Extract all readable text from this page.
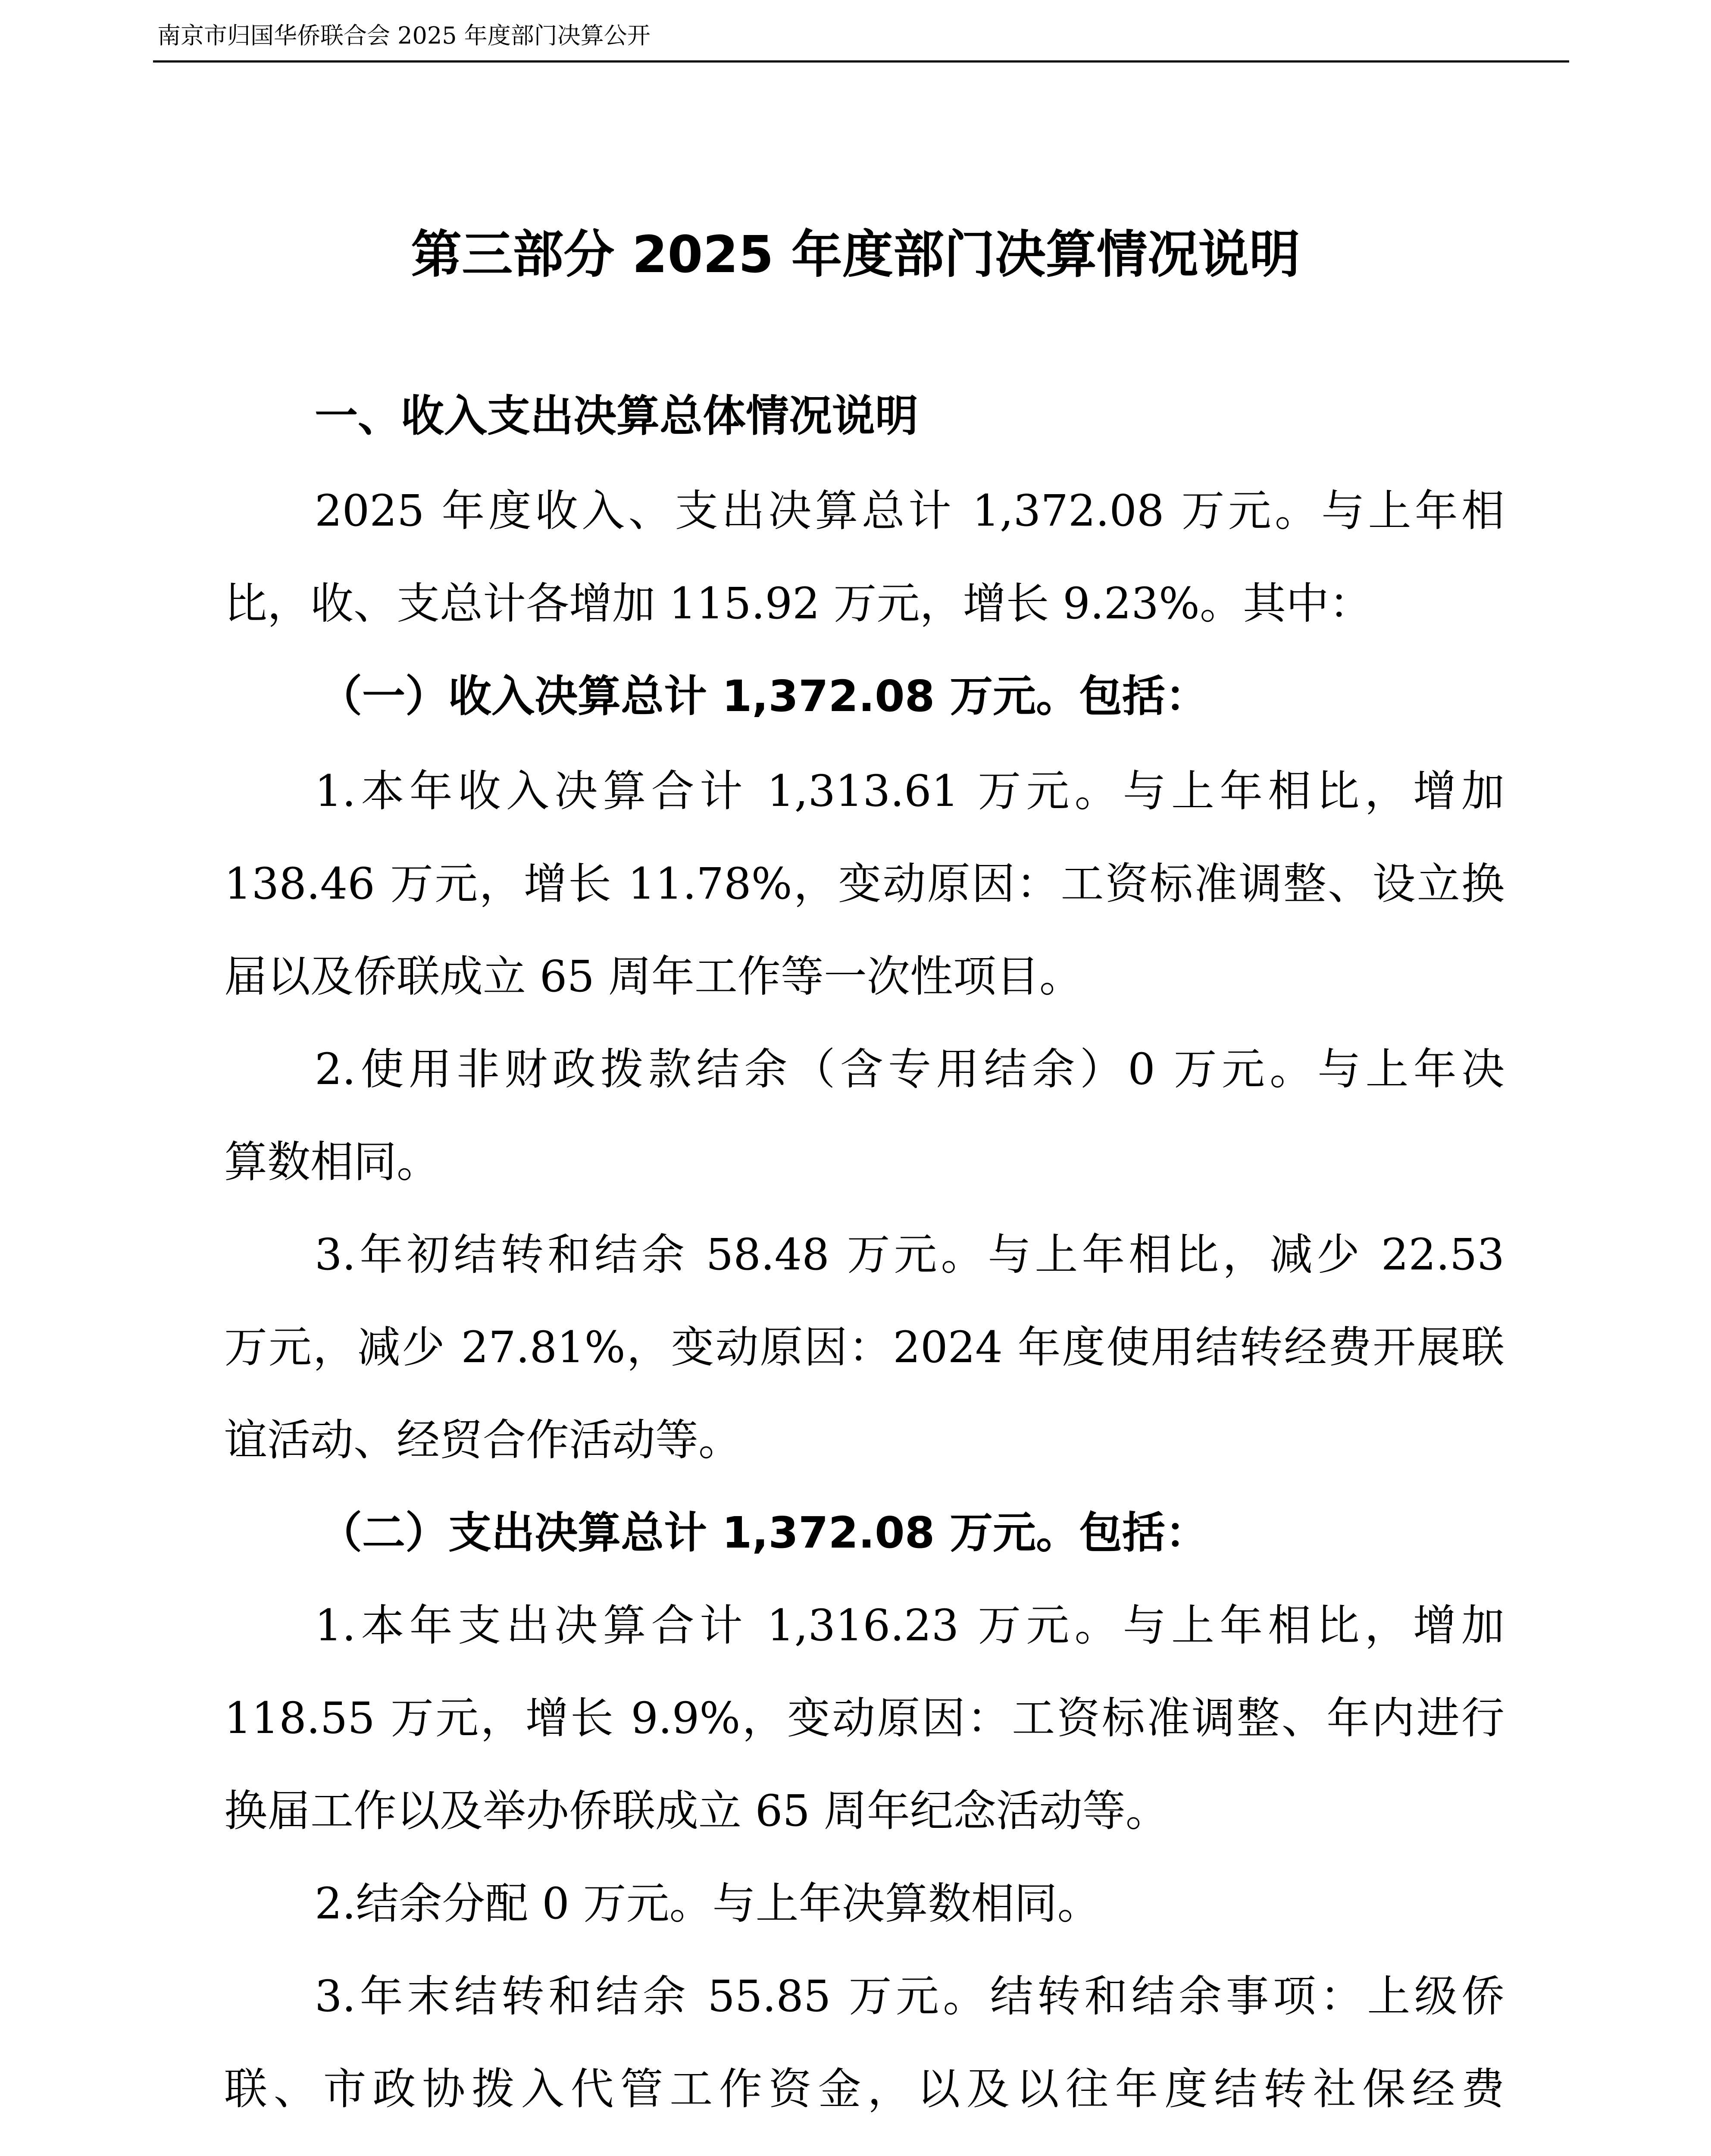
南京市归国华侨联合会 2025 年度部门决算公开
第三部分 2025 年度部门决算情况说明
一、收入支出决算总体情况说明
2025 年度收入、支出决算总计 1,372.08 万元。与上年相
比，收、支总计各增加 115.92 万元，增长 9.23%。其中：
（一）收入决算总计 1,372.08 万元。包括：
1.本年收入决算合计 1,313.61 万元。与上年相比，增加
138.46 万元，增长 11.78%，变动原因：工资标准调整、设立换
届以及侨联成立 65 周年工作等一次性项目。
2.使用非财政拨款结余（含专用结余）0 万元。与上年决
算数相同。
3.年初结转和结余 58.48 万元。与上年相比，减少 22.53
万元，减少 27.81%，变动原因：2024 年度使用结转经费开展联
谊活动、经贸合作活动等。
（二）支出决算总计 1,372.08 万元。包括：
1.本年支出决算合计 1,316.23 万元。与上年相比，增加
118.55 万元，增长 9.9%，变动原因：工资标准调整、年内进行
换届工作以及举办侨联成立 65 周年纪念活动等。
2.结余分配 0 万元。与上年决算数相同。
3.年末结转和结余 55.85 万元。结转和结余事项：上级侨
联、市政协拨入代管工作资金，以及以往年度结转社保经费
